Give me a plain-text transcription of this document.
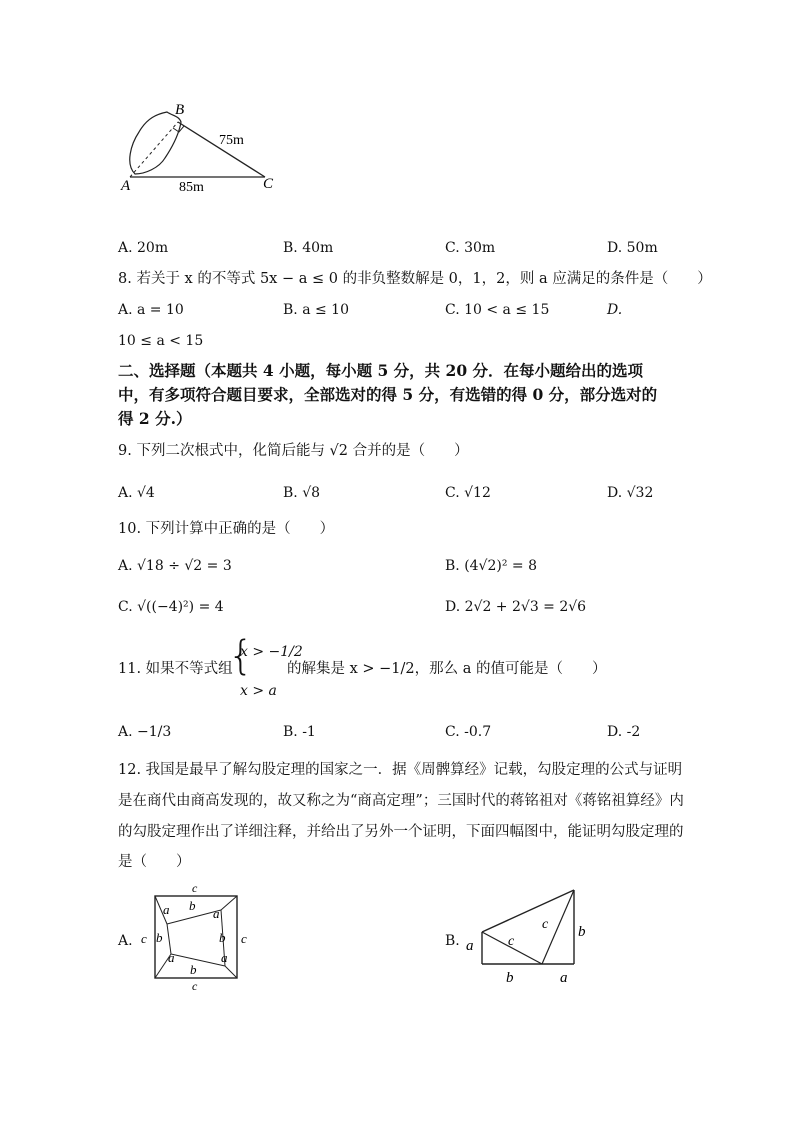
A
B
C
85m
75m
A. 20m	B. 40m	C. 30m	D. 50m
8. 若关于 x 的不等式 5x − a ≤ 0 的非负整数解是 0，1，2，则 a 应满足的条件是（　　）
A. a = 10	B. a ≤ 10	C. 10 < a ≤ 15	D.
10 ≤ a < 15
二、选择题（本题共 4 小题，每小题 5 分，共 20 分．在每小题给出的选项
中，有多项符合题目要求，全部选对的得 5 分，有选错的得 0 分，部分选对的
得 2 分.）
9. 下列二次根式中，化简后能与 √2 合并的是（　　）
A. √4	B. √8	C. √12	D. √32
10. 下列计算中正确的是（　　）
A. √18 ÷ √2 = 3	B. (4√2)² = 8
C. √((−4)²) = 4	D. 2√2 + 2√3 = 2√6
11. 如果不等式组
{
x > −1/2
x > a
的解集是 x > −1/2，那么 a 的值可能是（　　）
A. −1/3	B. -1	C. -0.7	D. -2
12. 我国是最早了解勾股定理的国家之一．据《周髀算经》记载，勾股定理的公式与证明
是在商代由商高发现的，故又称之为“商高定理”；三国时代的蒋铭祖对《蒋铭祖算经》内
的勾股定理作出了详细注释，并给出了另外一个证明，下面四幅图中，能证明勾股定理的
是（　　）
A.	B.
c
c
c	c
a b
a
b	b
a	a
b
a
b	a
b
c
c
